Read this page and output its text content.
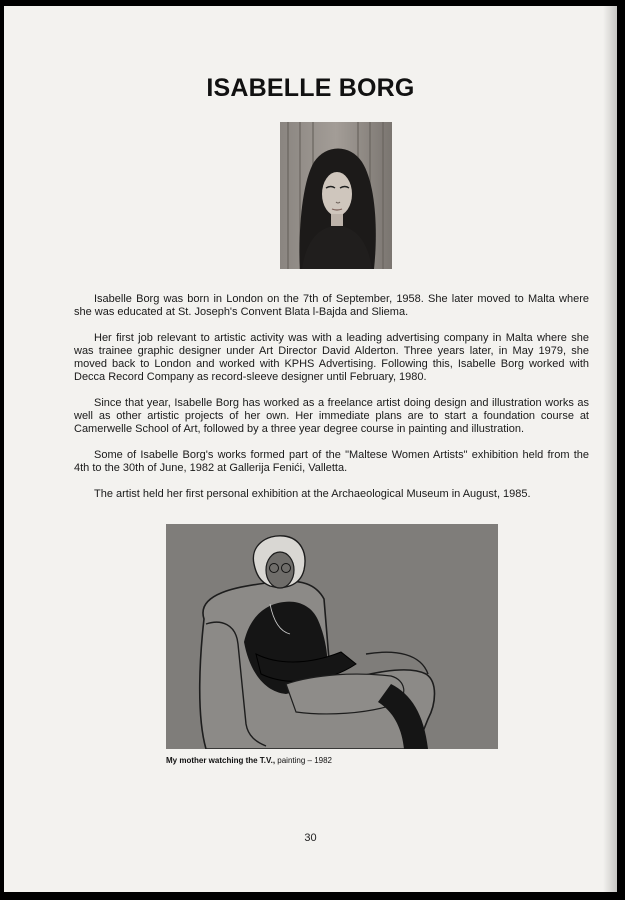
ISABELLE BORG

Isabelle Borg was born in London on the 7th of September, 1958. She later moved to Malta where she was educated at St. Joseph's Convent Blata l-Bajda and Sliema.

Her first job relevant to artistic activity was with a leading advertising company in Malta where she was trainee graphic designer under Art Director David Alderton. Three years later, in May 1979, she moved back to London and worked with KPHS Advertising. Following this, Isabelle Borg worked with Decca Record Company as record-sleeve designer until February, 1980.

Since that year, Isabelle Borg has worked as a freelance artist doing design and illustration works as well as other artistic projects of her own. Her immediate plans are to start a foundation course at Camerwelle School of Art, followed by a three year degree course in painting and illustration.

Some of Isabelle Borg's works formed part of the "Maltese Women Artists" exhibition held from the 4th to the 30th of June, 1982 at Gallerija Fenići, Valletta.

The artist held her first personal exhibition at the Archaeological Museum in August, 1985.

My mother watching the T.V., painting – 1982
30
